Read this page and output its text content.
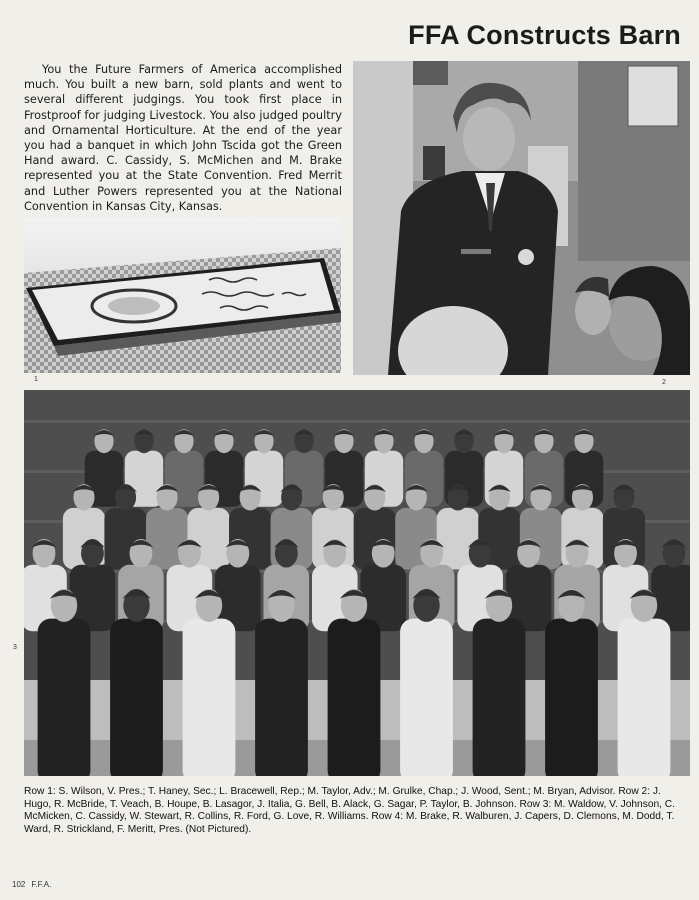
FFA Constructs Barn

You the Future Farmers of America accomplished much. You built a new barn, sold plants and went to several different judgings. You took first place in Frostproof for judging Livestock. You also judged poultry and Ornamental Horticulture. At the end of the year you had a banquet in which John Tscida got the Green Hand award. C. Cassidy, S. McMichen and M. Brake represented you at the State Convention. Fred Merrit and Luther Powers represented you at the National Convention in Kansas City, Kansas.

1	2
3

Row 1: S. Wilson, V. Pres.; T. Haney, Sec.; L. Bracewell, Rep.; M. Taylor, Adv.; M. Grulke, Chap.; J. Wood, Sent.; M. Bryan, Advisor. Row 2: J. Hugo, R. McBride, T. Veach, B. Houpe, B. Lasagor, J. Italia, G. Bell, B. Alack, G. Sagar, P. Taylor, B. Johnson. Row 3: M. Waldow, V. Johnson, C. McMicken, C. Cassidy, W. Stewart, R. Collins, R. Ford, G. Love, R. Williams. Row 4: M. Brake, R. Walburen, J. Capers, D. Clemons, M. Dodd, T. Ward, R. Strickland, F. Meritt, Pres. (Not Pictured).

102 F.F.A.
